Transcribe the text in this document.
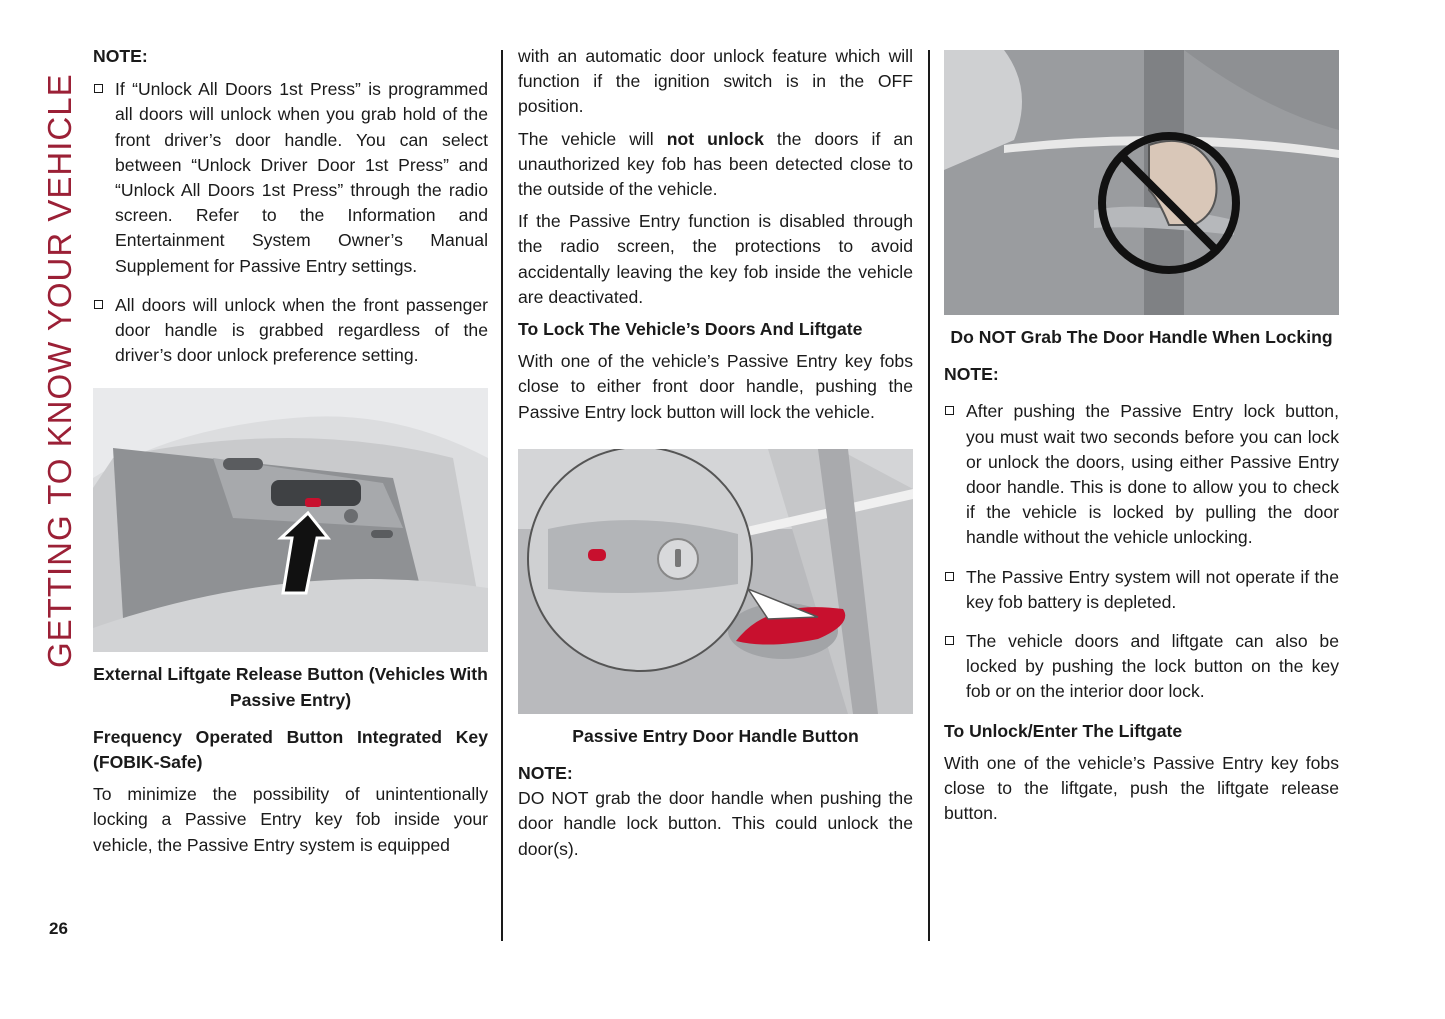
GETTING TO KNOW YOUR VEHICLE
26
NOTE:
If “Unlock All Doors 1st Press” is programmed all doors will unlock when you grab hold of the front driver’s door handle. You can select between “Unlock Driver Door 1st Press” and “Unlock All Doors 1st Press” through the radio screen. Refer to the Information and Entertainment System Owner’s Manual Supplement for Passive Entry settings.
All doors will unlock when the front passenger door handle is grabbed regardless of the driver’s door unlock preference setting.
External Liftgate Release Button (Vehicles With Passive Entry)
Frequency Operated Button Integrated Key (FOBIK-Safe)

To minimize the possibility of unintentionally locking a Passive Entry key fob inside your vehicle, the Passive Entry system is equipped

with an automatic door unlock feature which will function if the ignition switch is in the OFF position.

The vehicle will not unlock the doors if an unauthorized key fob has been detected close to the outside of the vehicle.

If the Passive Entry function is disabled through the radio screen, the protections to avoid accidentally leaving the key fob inside the vehicle are deactivated.

To Lock The Vehicle’s Doors And Liftgate

With one of the vehicle’s Passive Entry key fobs close to either front door handle, pushing the Passive Entry lock button will lock the vehicle.

Passive Entry Door Handle Button
NOTE:

DO NOT grab the door handle when pushing the door handle lock button. This could unlock the door(s).

Do NOT Grab The Door Handle When Locking
NOTE:
After pushing the Passive Entry lock button, you must wait two seconds before you can lock or unlock the doors, using either Passive Entry door handle. This is done to allow you to check if the vehicle is locked by pulling the door handle without the vehicle unlocking.
The Passive Entry system will not operate if the key fob battery is depleted.
The vehicle doors and liftgate can also be locked by pushing the lock button on the key fob or on the interior door lock.
To Unlock/Enter The Liftgate

With one of the vehicle’s Passive Entry key fobs close to the liftgate, push the liftgate release button.
